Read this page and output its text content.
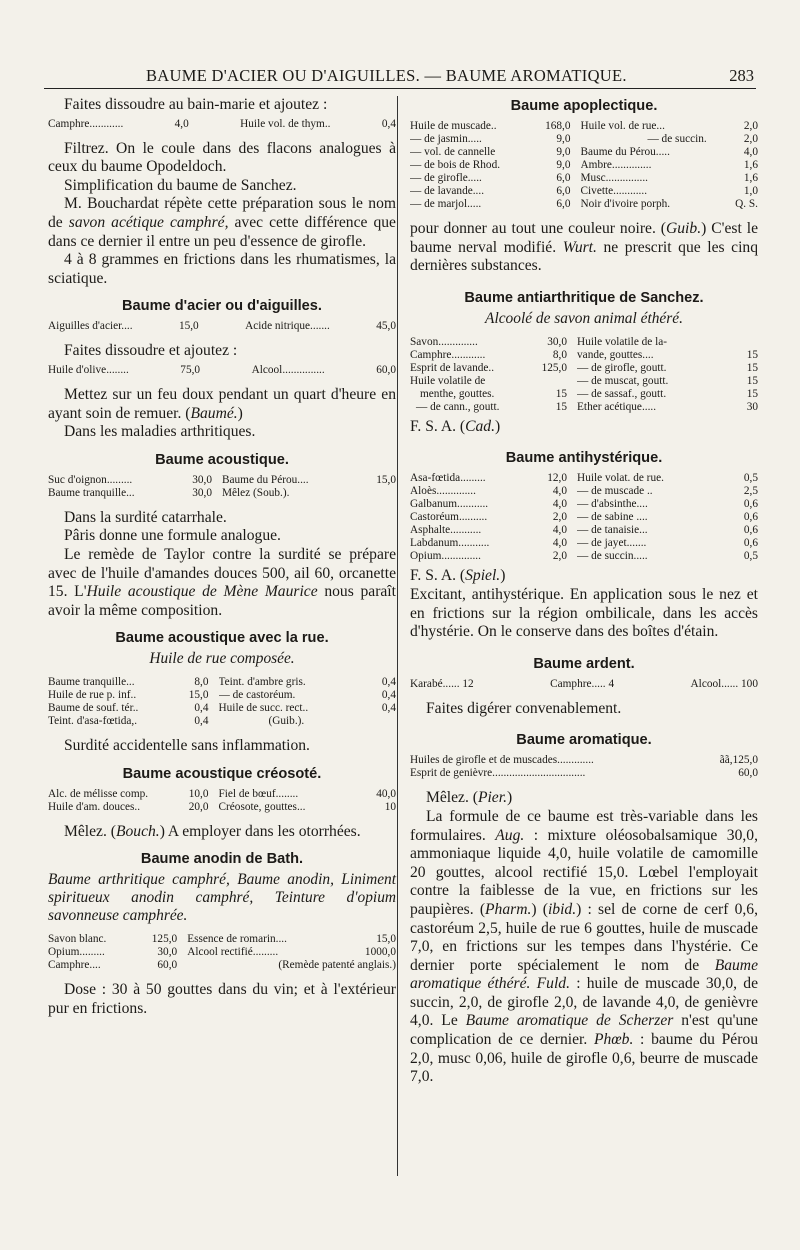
BAUME D'ACIER OU D'AIGUILLES. — BAUME AROMATIQUE.	283

Faites dissoudre au bain-marie et ajoutez :

Camphre............	4,0	Huile vol. de thym..	0,4

Filtrez. On le coule dans des flacons analogues à ceux du baume Opodeldoch.

Simplification du baume de Sanchez.

M. Bouchardat répète cette préparation sous le nom de savon acétique camphré, avec cette différence que dans ce dernier il entre un peu d'essence de girofle.

4 à 8 grammes en frictions dans les rhumatismes, la sciatique.

Baume d'acier ou d'aiguilles.
Aiguilles d'acier....	15,0	Acide nitrique.......	45,0

Faites dissoudre et ajoutez :

Huile d'olive........	75,0	Alcool...............	60,0

Mettez sur un feu doux pendant un quart d'heure en ayant soin de remuer. (Baumé.)

Dans les maladies arthritiques.

Baume acoustique.
Suc d'oignon.........	30,0	Baume du Pérou....	15,0
Baume tranquille...	30,0	Mêlez (Soub.).	

Dans la surdité catarrhale.

Pâris donne une formule analogue.

Le remède de Taylor contre la surdité se prépare avec de l'huile d'amandes douces 500, ail 60, orcanette 15. L'Huile acoustique de Mène Maurice nous paraît avoir la même composition.

Baume acoustique avec la rue.
Huile de rue composée.
Baume tranquille...	8,0	Teint. d'ambre gris.	0,4
Huile de rue p. inf..	15,0	— de castoréum.	0,4
Baume de souf. tér..	0,4	Huile de succ. rect..	0,4
Teint. d'asa-fœtida,.	0,4	(Guib.).	

Surdité accidentelle sans inflammation.

Baume acoustique créosoté.
Alc. de mélisse comp.	10,0	Fiel de bœuf........	40,0
Huile d'am. douces..	20,0	Créosote, gouttes...	10

Mêlez. (Bouch.) A employer dans les otorrhées.

Baume anodin de Bath.
Baume arthritique camphré, Baume anodin, Liniment spiritueux anodin camphré, Teinture d'opium savonneuse camphrée.
Savon blanc.	125,0	Essence de romarin....	15,0
Opium.........	30,0	Alcool rectifié.........	1000,0
Camphre....	60,0	(Remède patenté anglais.)	

Dose : 30 à 50 gouttes dans du vin; et à l'extérieur pur en frictions.

Baume apoplectique.
Huile de muscade..	168,0	Huile vol. de rue...	2,0
— de jasmin.....	9,0	— de succin.	2,0
— vol. de cannelle	9,0	Baume du Pérou.....	4,0
— de bois de Rhod.	9,0	Ambre..............	1,6
— de girofle.....	6,0	Musc...............	1,6
— de lavande....	6,0	Civette............	1,0
— de marjol.....	6,0	Noir d'ivoire porph.	Q. S.

pour donner au tout une couleur noire. (Guib.) C'est le baume nerval modifié. Wurt. ne prescrit que les cinq dernières substances.

Baume antiarthritique de Sanchez.
Alcoolé de savon animal éthéré.
Savon..............	30,0	Huile volatile de la-	
Camphre............	8,0	vande, gouttes....	15
Esprit de lavande..	125,0	— de girofle, goutt.	15
Huile volatile de		— de muscat, goutt.	15
menthe, gouttes.	15	— de sassaf., goutt.	15
— de cann., goutt.	15	Ether acétique.....	30

F. S. A. (Cad.)

Baume antihystérique.
Asa-fœtida.........	12,0	Huile volat. de rue.	0,5
Aloès..............	4,0	— de muscade ..	2,5
Galbanum...........	4,0	— d'absinthe....	0,6
Castoréum..........	2,0	— de sabine ....	0,6
Asphalte...........	4,0	— de tanaisie...	0,6
Labdanum...........	4,0	— de jayet.......	0,6
Opium..............	2,0	— de succin.....	0,5

F. S. A. (Spiel.)

Excitant, antihystérique. En application sous le nez et en frictions sur la région ombilicale, dans les accès d'hystérie. On le conserve dans des boîtes d'étain.

Baume ardent.
Karabé...... 12	Camphre..... 4	Alcool...... 100

Faites digérer convenablement.

Baume aromatique.
Huiles de girofle et de muscades.............	ãã,125,0
Esprit de genièvre.................................	60,0

Mêlez. (Pier.)

La formule de ce baume est très-variable dans les formulaires. Aug. : mixture oléosobalsamique 30,0, ammoniaque liquide 4,0, huile volatile de camomille 20 gouttes, alcool rectifié 15,0. Lœbel l'employait contre la faiblesse de la vue, en frictions sur les paupières. (Pharm.) (ibid.) : sel de corne de cerf 0,6, castoréum 2,5, huile de rue 6 gouttes, huile de muscade 7,0, en frictions sur les tempes dans l'hystérie. Ce dernier porte spécialement le nom de Baume aromatique éthéré. Fuld. : huile de muscade 30,0, de succin, 2,0, de girofle 2,0, de lavande 4,0, de genièvre 4,0. Le Baume aromatique de Scherzer n'est qu'une complication de ce dernier. Phœb. : baume du Pérou 2,0, musc 0,06, huile de girofle 0,6, beurre de muscade 7,0.
